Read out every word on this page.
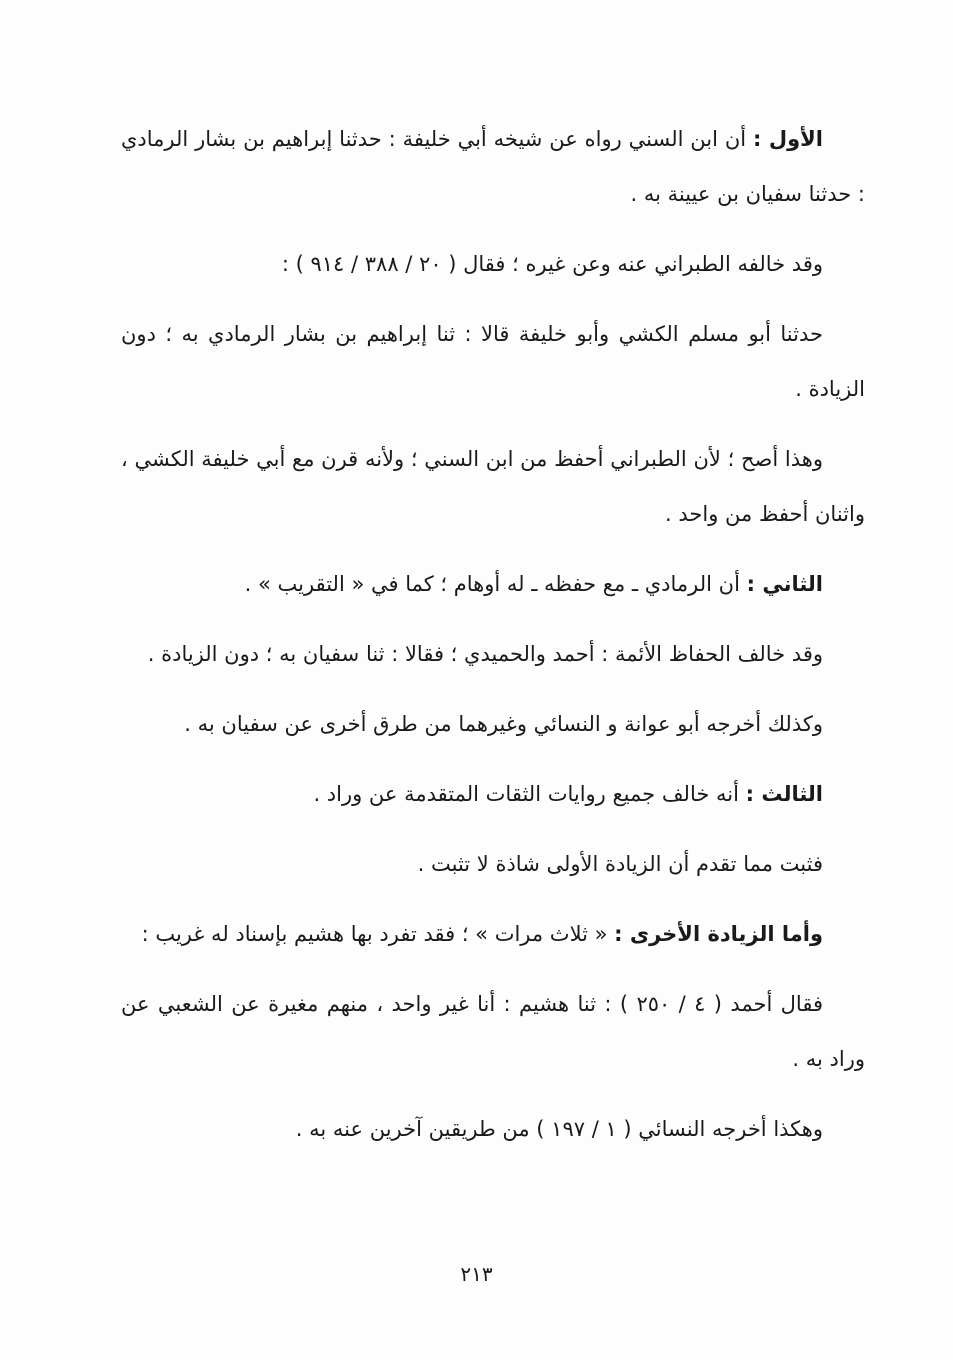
الأول : أن ابن السني رواه عن شيخه أبي خليفة : حدثنا إبراهيم بن بشار الرمادي : حدثنا سفيان بن عيينة به .

وقد خالفه الطبراني عنه وعن غيره ؛ فقال ( ٢٠ / ٣٨٨ / ٩١٤ ) :

حدثنا أبو مسلم الكشي وأبو خليفة قالا : ثنا إبراهيم بن بشار الرمادي به ؛ دون الزيادة .

وهذا أصح ؛ لأن الطبراني أحفظ من ابن السني ؛ ولأنه قرن مع أبي خليفة الكشي ، واثنان أحفظ من واحد .

الثاني : أن الرمادي ـ مع حفظه ـ له أوهام ؛ كما في « التقريب » .

وقد خالف الحفاظ الأئمة : أحمد والحميدي ؛ فقالا : ثنا سفيان به ؛ دون الزيادة .

وكذلك أخرجه أبو عوانة و النسائي وغيرهما من طرق أخرى عن سفيان به .

الثالث : أنه خالف جميع روايات الثقات المتقدمة عن وراد .

فثبت مما تقدم أن الزيادة الأولى شاذة لا تثبت .

وأما الزيادة الأخرى : « ثلاث مرات » ؛ فقد تفرد بها هشيم بإسناد له غريب :

فقال أحمد ( ٤ / ٢٥٠ ) : ثنا هشيم : أنا غير واحد ، منهم مغيرة عن الشعبي عن وراد به .

وهكذا أخرجه النسائي ( ١ / ١٩٧ ) من طريقين آخرين عنه به .

٢١٣
